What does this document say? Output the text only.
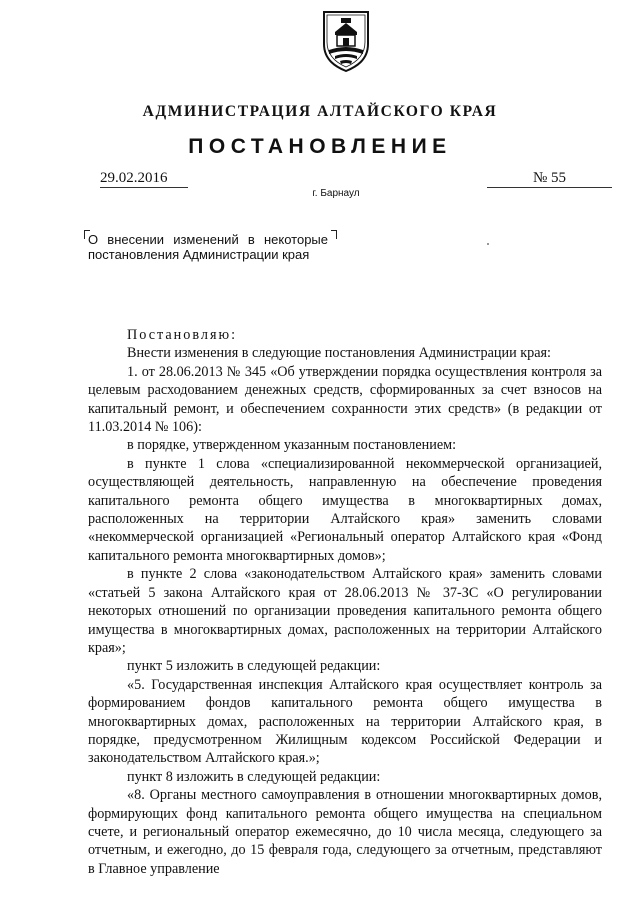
АДМИНИСТРАЦИЯ АЛТАЙСКОГО КРАЯ
ПОСТАНОВЛЕНИЕ
29.02.2016	№ 55
г. Барнаул
О внесении изменений в некоторые
постановления Администрации края

Постановляю:

Внести изменения в следующие постановления Администрации края:

1. от 28.06.2013 № 345 «Об утверждении порядка осуществления контроля за целевым расходованием денежных средств, сформированных за счет взносов на капитальный ремонт, и обеспечением сохранности этих средств» (в редакции от 11.03.2014 № 106):

в порядке, утвержденном указанным постановлением:

в пункте 1 слова «специализированной некоммерческой организацией, осуществляющей деятельность, направленную на обеспечение проведения капитального ремонта общего имущества в многоквартирных домах, расположенных на территории Алтайского края» заменить словами «некоммерческой организацией «Региональный оператор Алтайского края «Фонд капитального ремонта многоквартирных домов»;

в пункте 2 слова «законодательством Алтайского края» заменить словами «статьей 5 закона Алтайского края от 28.06.2013 № 37-ЗС «О регулировании некоторых отношений по организации проведения капитального ремонта общего имущества в многоквартирных домах, расположенных на территории Алтайского края»;

пункт 5 изложить в следующей редакции:

«5. Государственная инспекция Алтайского края осуществляет контроль за формированием фондов капитального ремонта общего имущества в многоквартирных домах, расположенных на территории Алтайского края, в порядке, предусмотренном Жилищным кодексом Российской Федерации и законодательством Алтайского края.»;

пункт 8 изложить в следующей редакции:

«8. Органы местного самоуправления в отношении многоквартирных домов, формирующих фонд капитального ремонта общего имущества на специальном счете, и региональный оператор ежемесячно, до 10 числа месяца, следующего за отчетным, и ежегодно, до 15 февраля года, следующего за отчетным, представляют в Главное управление
